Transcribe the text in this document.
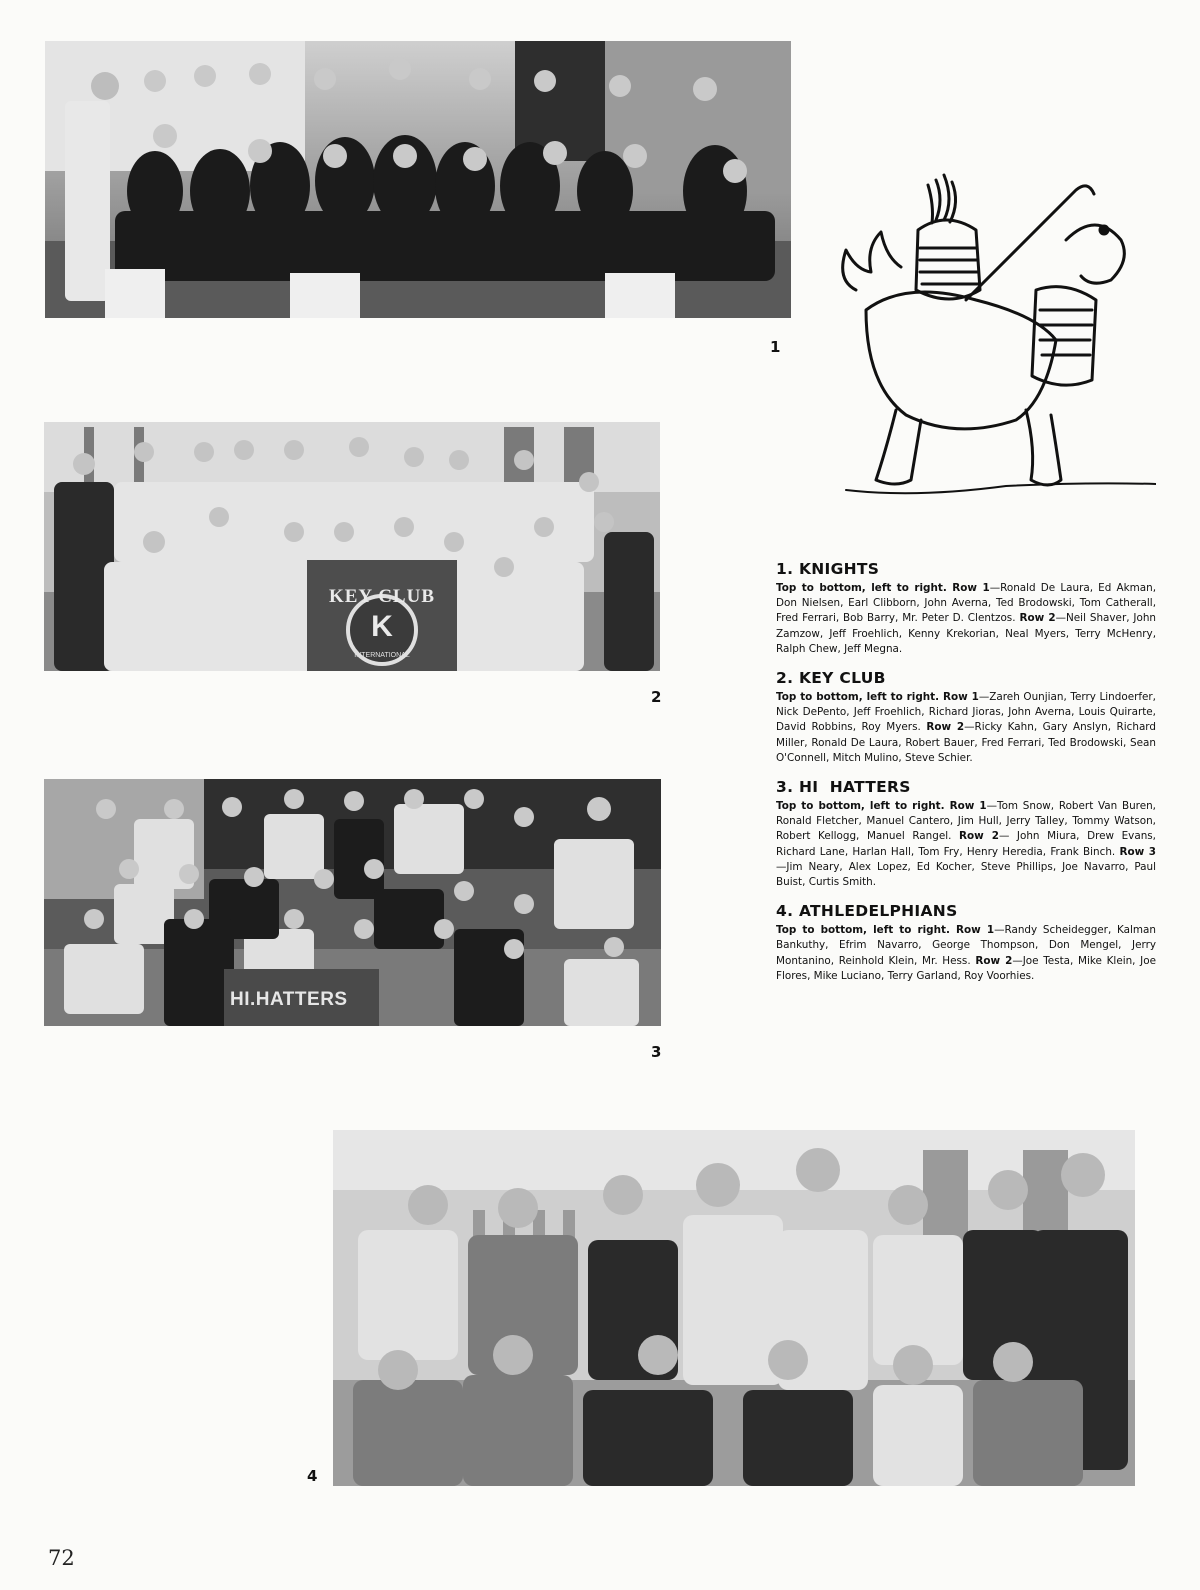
1
KEY CLUB
K
INTERNATIONAL
2
HI.HATTERS
3
4
1. KNIGHTS

Top to bottom, left to right. Row 1—Ronald De Laura, Ed Akman, Don Nielsen, Earl Clibborn, John Averna, Ted Brodowski, Tom Catherall, Fred Ferrari, Bob Barry, Mr. Peter D. Clentzos. Row 2—Neil Shaver, John Zamzow, Jeff Froehlich, Kenny Krekorian, Neal Myers, Terry McHenry, Ralph Chew, Jeff Megna.

2. KEY CLUB

Top to bottom, left to right. Row 1—Zareh Ounjian, Terry Lindoerfer, Nick DePento, Jeff Froehlich, Richard Jioras, John Averna, Louis Quirarte, David Robbins, Roy Myers. Row 2—Ricky Kahn, Gary Anslyn, Richard Miller, Ronald De Laura, Robert Bauer, Fred Ferrari, Ted Brodowski, Sean O'Connell, Mitch Mulino, Steve Schier.

3. HI  HATTERS

Top to bottom, left to right. Row 1—Tom Snow, Robert Van Buren, Ronald Fletcher, Manuel Cantero, Jim Hull, Jerry Talley, Tommy Watson, Robert Kellogg, Manuel Rangel. Row 2— John Miura, Drew Evans, Richard Lane, Harlan Hall, Tom Fry, Henry Heredia, Frank Binch. Row 3—Jim Neary, Alex Lopez, Ed Kocher, Steve Phillips, Joe Navarro, Paul Buist, Curtis Smith.

4. ATHLEDELPHIANS

Top to bottom, left to right. Row 1—Randy Scheidegger, Kalman Bankuthy, Efrim Navarro, George Thompson, Don Mengel, Jerry Montanino, Reinhold Klein, Mr. Hess. Row 2—Joe Testa, Mike Klein, Joe Flores, Mike Luciano, Terry Garland, Roy Voorhies.

72
